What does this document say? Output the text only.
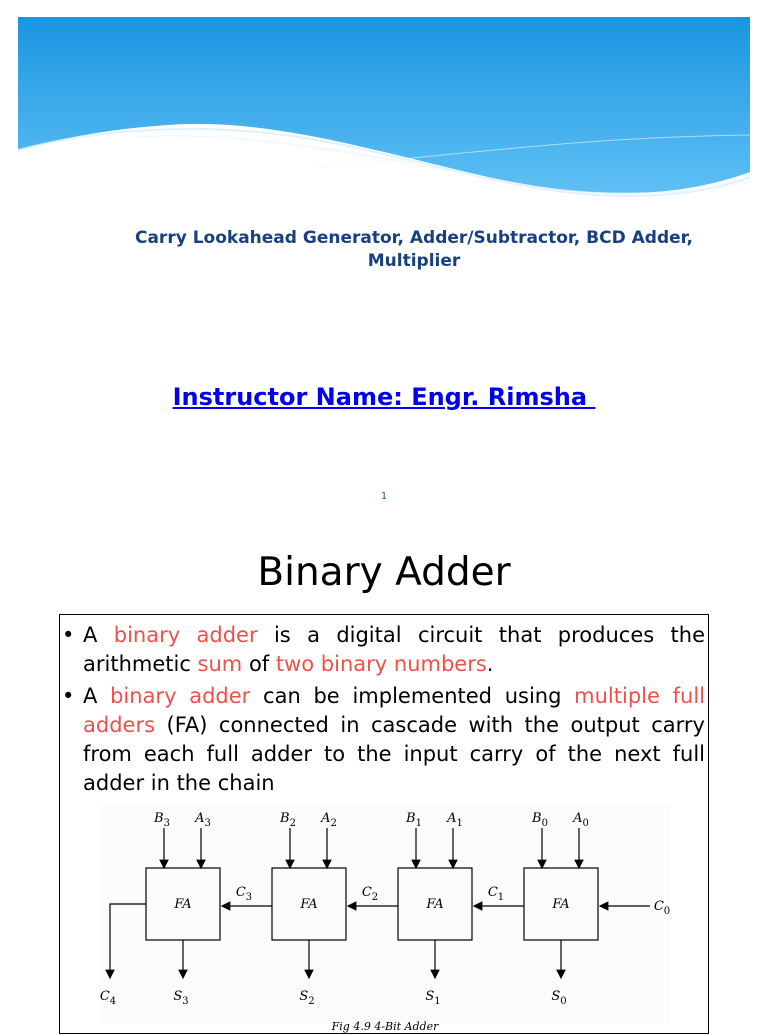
Carry Lookahead Generator, Adder/Subtractor, BCD Adder,
Multiplier
Instructor Name: Engr. Rimsha
1
Binary Adder
• A binary adder is a digital circuit that produces the arithmetic sum of two binary numbers.
• A binary adder can be implemented using multiple full adders (FA) connected in cascade with the output carry from each full adder to the input carry of the next full adder in the chain
FA
$B_3$ $A_3$
$S_3$
FA
$B_2$ $A_2$
$S_2$
FA
$B_1$ $A_1$
$S_1$
FA
$B_0$ $A_0$
$S_0$
$C_3$	$C_2$	$C_1$
$C_0$
$C_4$
Fig 4.9 4-Bit Adder
